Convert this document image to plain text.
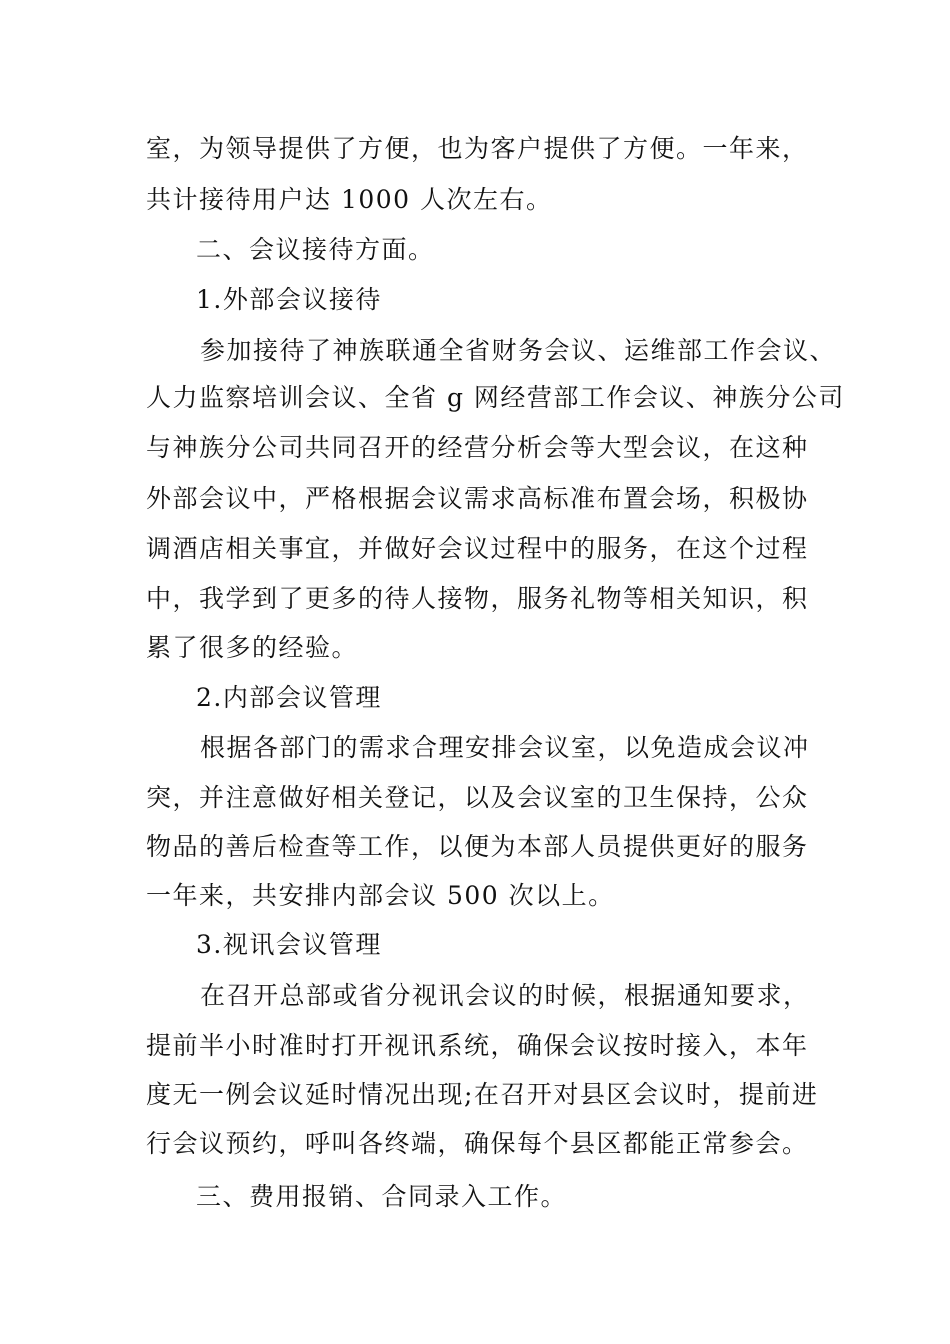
室，为领导提供了方便，也为客户提供了方便。一年来，
共计接待用户达 1000 人次左右。
二、会议接待方面。
1.外部会议接待
参加接待了神族联通全省财务会议、运维部工作会议、
人力监察培训会议、全省 g 网经营部工作会议、神族分公司
与神族分公司共同召开的经营分析会等大型会议，在这种
外部会议中，严格根据会议需求高标准布置会场，积极协
调酒店相关事宜，并做好会议过程中的服务，在这个过程
中，我学到了更多的待人接物，服务礼物等相关知识，积
累了很多的经验。
2.内部会议管理
根据各部门的需求合理安排会议室，以免造成会议冲
突，并注意做好相关登记，以及会议室的卫生保持，公众
物品的善后检查等工作，以便为本部人员提供更好的服务
一年来，共安排内部会议 500 次以上。
3.视讯会议管理
在召开总部或省分视讯会议的时候，根据通知要求，
提前半小时准时打开视讯系统，确保会议按时接入，本年
度无一例会议延时情况出现;在召开对县区会议时，提前进
行会议预约，呼叫各终端，确保每个县区都能正常参会。
三、费用报销、合同录入工作。
